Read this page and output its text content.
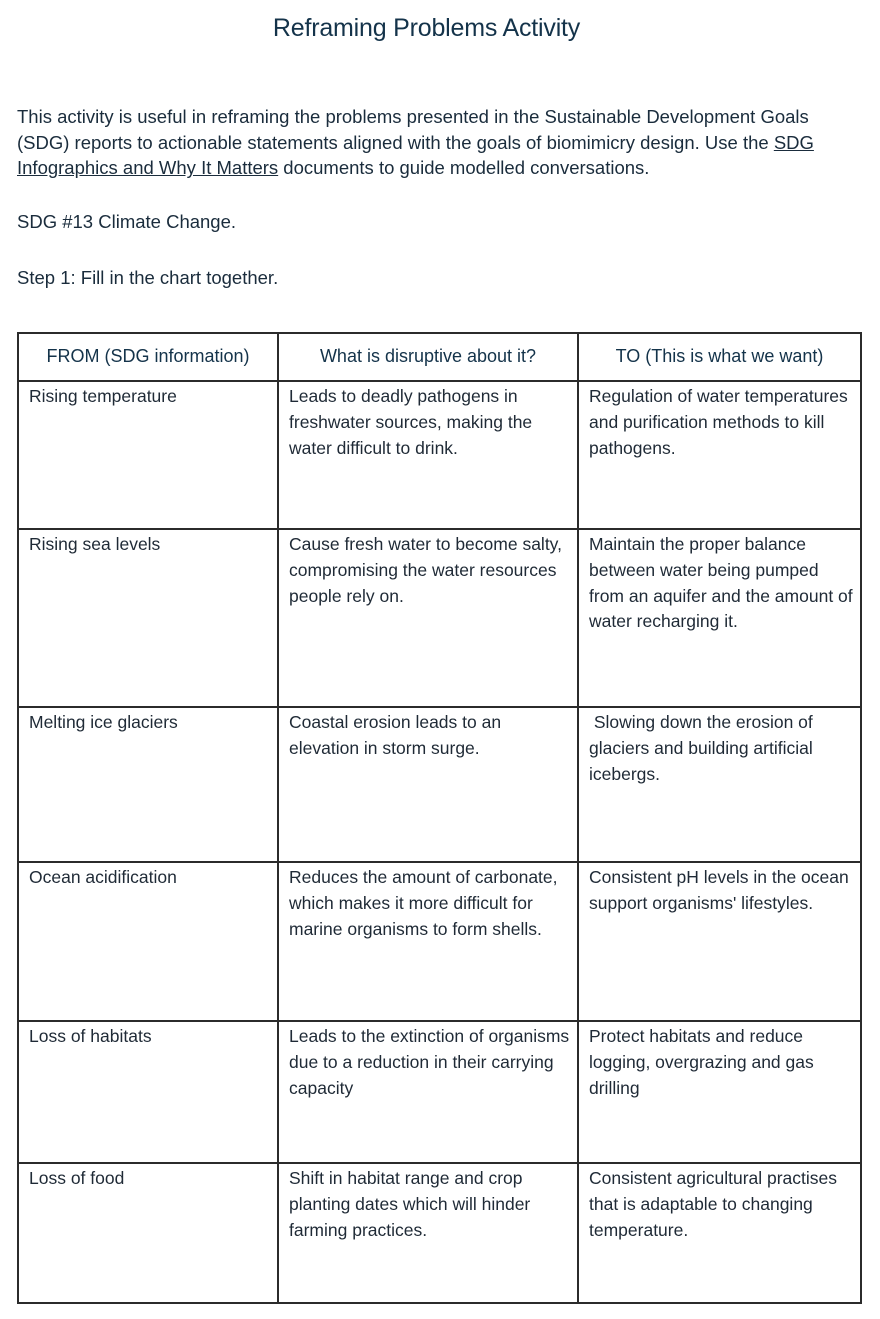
Reframing Problems Activity
This activity is useful in reframing the problems presented in the Sustainable Development Goals (SDG) reports to actionable statements aligned with the goals of biomimicry design. Use the SDG Infographics and Why It Matters documents to guide modelled conversations.
SDG #13 Climate Change.
Step 1: Fill in the chart together.
FROM (SDG information)	What is disruptive about it?	TO (This is what we want)
Rising temperature	Leads to deadly pathogens in freshwater sources, making the water difficult to drink.	Regulation of water temperatures and purification methods to kill pathogens.
Rising sea levels	Cause fresh water to become salty, compromising the water resources people rely on.	Maintain the proper balance between water being pumped from an aquifer and the amount of water recharging it.
Melting ice glaciers	Coastal erosion leads to an elevation in storm surge.	Slowing down the erosion of glaciers and building artificial icebergs.
Ocean acidification	Reduces the amount of carbonate, which makes it more difficult for marine organisms to form shells.	Consistent pH levels in the ocean support organisms' lifestyles.
Loss of habitats	Leads to the extinction of organisms due to a reduction in their carrying capacity	Protect habitats and reduce logging, overgrazing and gas drilling
Loss of food	Shift in habitat range and crop planting dates which will hinder farming practices.	Consistent agricultural practises that is adaptable to changing temperature.
